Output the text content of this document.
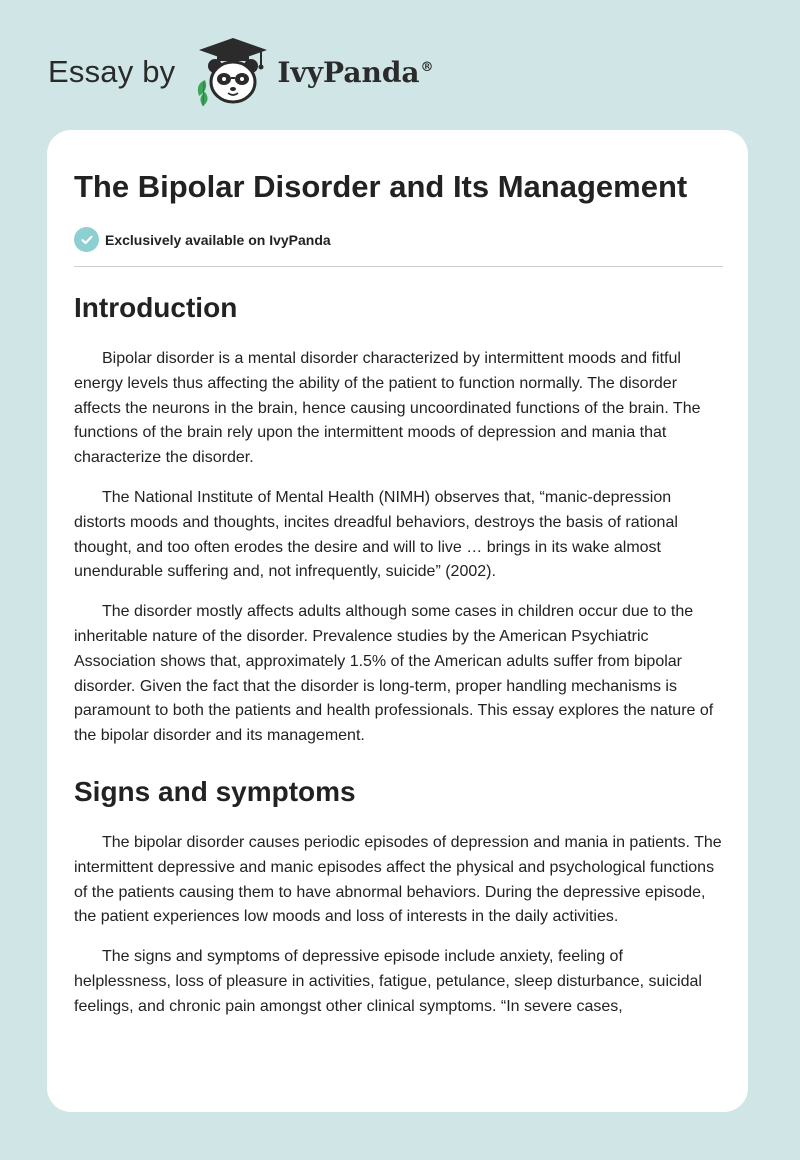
Essay by	IvyPanda®
The Bipolar Disorder and Its Management
Exclusively available on IvyPanda
Introduction

Bipolar disorder is a mental disorder characterized by intermittent moods and fitful energy levels thus affecting the ability of the patient to function normally. The disorder affects the neurons in the brain, hence causing uncoordinated functions of the brain. The functions of the brain rely upon the intermittent moods of depression and mania that characterize the disorder.

The National Institute of Mental Health (NIMH) observes that, “manic-depression distorts moods and thoughts, incites dreadful behaviors, destroys the basis of rational thought, and too often erodes the desire and will to live … brings in its wake almost unendurable suffering and, not infrequently, suicide” (2002).

The disorder mostly affects adults although some cases in children occur due to the inheritable nature of the disorder. Prevalence studies by the American Psychiatric Association shows that, approximately 1.5% of the American adults suffer from bipolar disorder. Given the fact that the disorder is long-term, proper handling mechanisms is paramount to both the patients and health professionals. This essay explores the nature of the bipolar disorder and its management.

Signs and symptoms

The bipolar disorder causes periodic episodes of depression and mania in patients. The intermittent depressive and manic episodes affect the physical and psychological functions of the patients causing them to have abnormal behaviors. During the depressive episode, the patient experiences low moods and loss of interests in the daily activities.

The signs and symptoms of depressive episode include anxiety, feeling of helplessness, loss of pleasure in activities, fatigue, petulance, sleep disturbance, suicidal feelings, and chronic pain amongst other clinical symptoms. “In severe cases,
